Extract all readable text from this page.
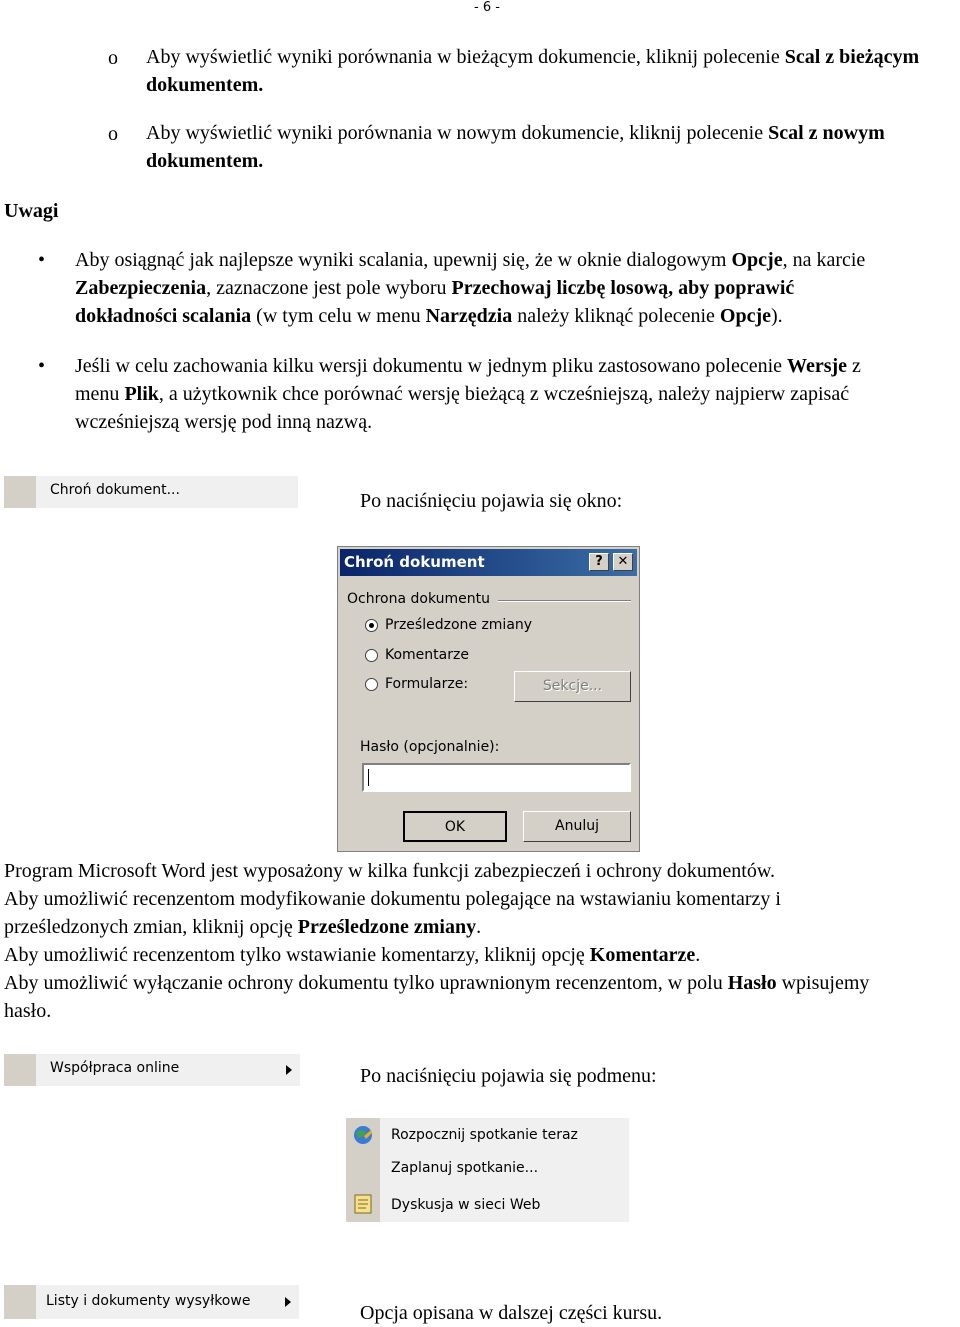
- 6 -
o Aby wyświetlić wyniki porównania w bieżącym dokumencie, kliknij polecenie Scal z bieżącym dokumentem.
o Aby wyświetlić wyniki porównania w nowym dokumencie, kliknij polecenie Scal z nowym dokumentem.
Uwagi
• Aby osiągnąć jak najlepsze wyniki scalania, upewnij się, że w oknie dialogowym Opcje, na karcie
Zabezpieczenia, zaznaczone jest pole wyboru Przechowaj liczbę losową, aby poprawić
dokładności scalania (w tym celu w menu Narzędzia należy kliknąć polecenie Opcje).
• Jeśli w celu zachowania kilku wersji dokumentu w jednym pliku zastosowano polecenie Wersje z
menu Plik, a użytkownik chce porównać wersję bieżącą z wcześniejszą, należy najpierw zapisać
wcześniejszą wersję pod inną nazwą.
Chroń dokument...	Po naciśnięciu pojawia się okno:
Chroń dokument	?	✕
Ochrona dokumentu
Prześledzone zmiany
Komentarze
Formularze:	Sekcje...
Hasło (opcjonalnie):
OK	Anuluj
Program Microsoft Word jest wyposażony w kilka funkcji zabezpieczeń i ochrony dokumentów.
Aby umożliwić recenzentom modyfikowanie dokumentu polegające na wstawianiu komentarzy i
prześledzonych zmian, kliknij opcję Prześledzone zmiany.
Aby umożliwić recenzentom tylko wstawianie komentarzy, kliknij opcję Komentarze.
Aby umożliwić wyłączanie ochrony dokumentu tylko uprawnionym recenzentom, w polu Hasło wpisujemy
hasło.
Współpraca online	Po naciśnięciu pojawia się podmenu:
Rozpocznij spotkanie teraz
Zaplanuj spotkanie...
Dyskusja w sieci Web
Listy i dokumenty wysyłkowe
Opcja opisana w dalszej części kursu.
